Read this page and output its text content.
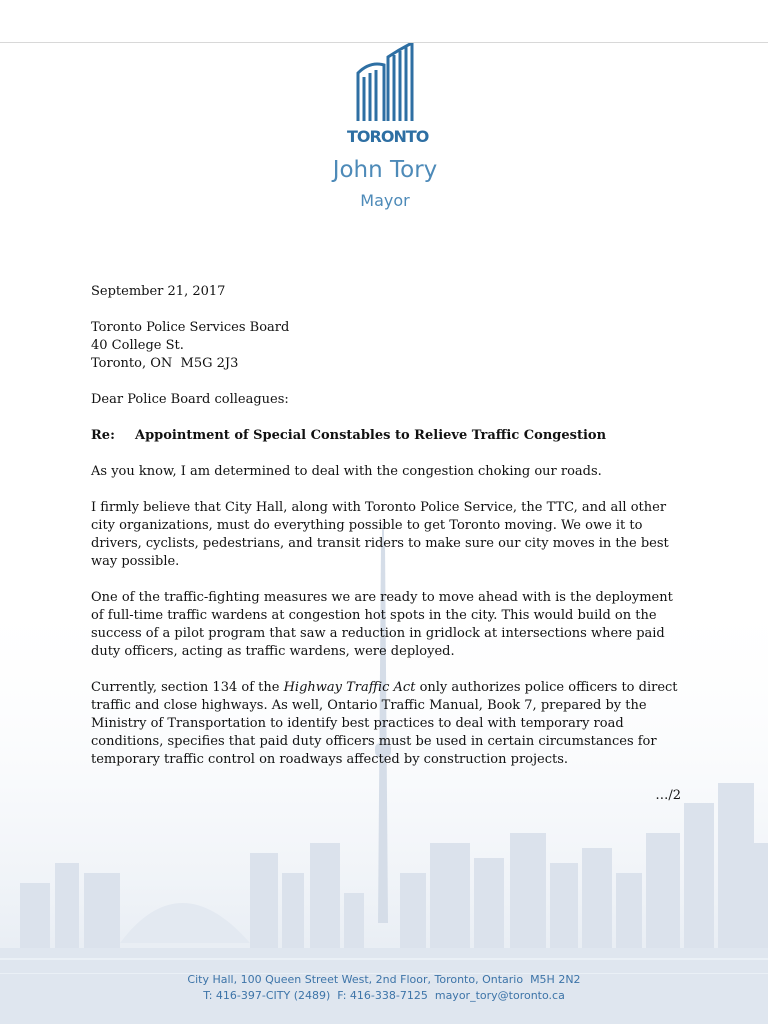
TORONTO
John Tory
Mayor

September 21, 2017

Toronto Police Services Board

40 College St.

Toronto, ON  M5G 2J3

Dear Police Board colleagues:

Re: Appointment of Special Constables to Relieve Traffic Congestion

As you know, I am determined to deal with the congestion choking our roads.

I firmly believe that City Hall, along with Toronto Police Service, the TTC, and all other city organizations, must do everything possible to get Toronto moving. We owe it to drivers, cyclists, pedestrians, and transit riders to make sure our city moves in the best way possible.

One of the traffic-fighting measures we are ready to move ahead with is the deployment of full-time traffic wardens at congestion hot spots in the city. This would build on the success of a pilot program that saw a reduction in gridlock at intersections where paid duty officers, acting as traffic wardens, were deployed.

Currently, section 134 of the Highway Traffic Act only authorizes police officers to direct traffic and close highways. As well, Ontario Traffic Manual, Book 7, prepared by the Ministry of Transportation to identify best practices to deal with temporary road conditions, specifies that paid duty officers must be used in certain circumstances for temporary traffic control on roadways affected by construction projects.

…/2

City Hall, 100 Queen Street West, 2nd Floor, Toronto, Ontario  M5H 2N2
T: 416-397-CITY (2489)  F: 416-338-7125  mayor_tory@toronto.ca
